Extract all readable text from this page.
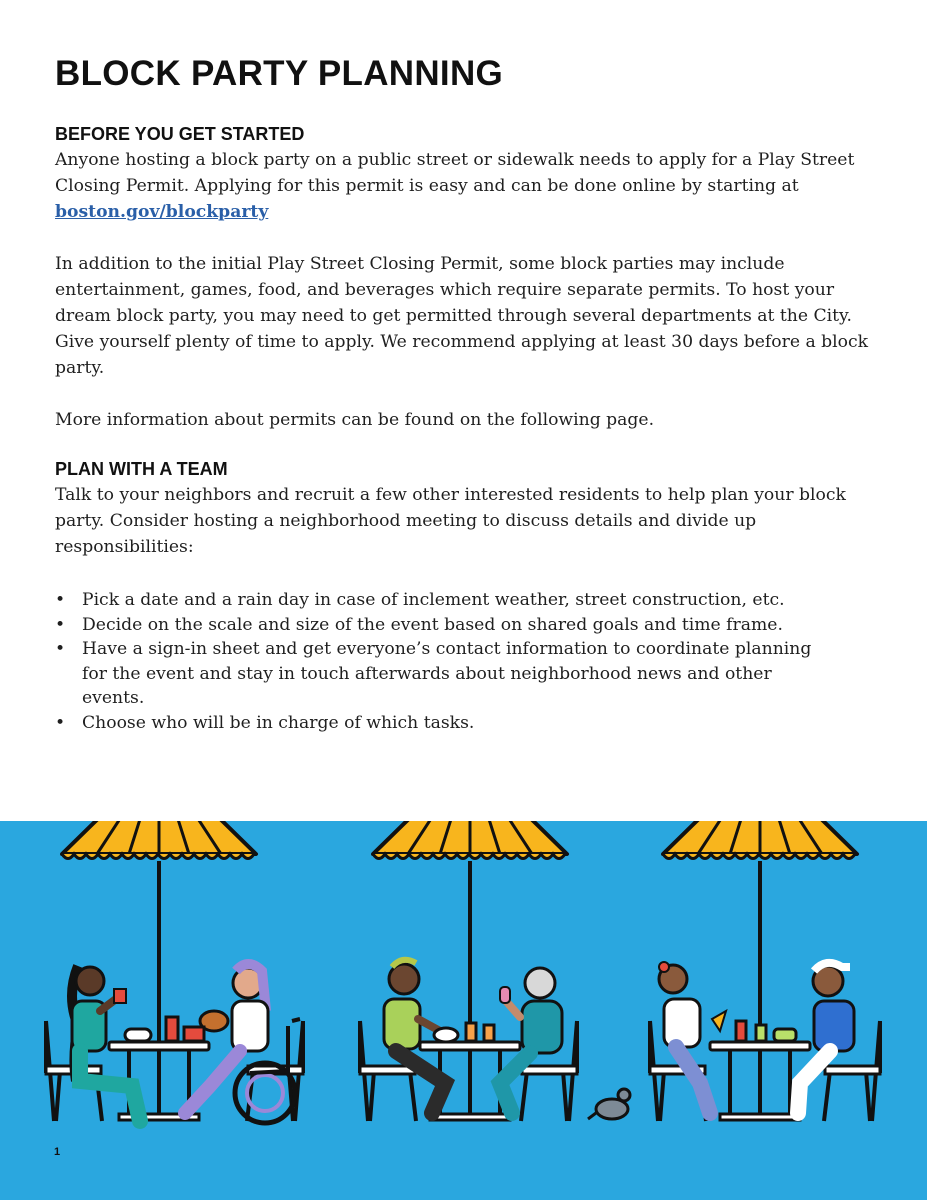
BLOCK PARTY PLANNING
BEFORE YOU GET STARTED

Anyone hosting a block party on a public street or sidewalk needs to apply for a Play Street Closing Permit. Applying for this permit is easy and can be done online by starting at boston.gov/blockparty

In addition to the initial Play Street Closing Permit, some block parties may include entertainment, games, food, and beverages which require separate permits. To host your dream block party, you may need to get permitted through several departments at the City. Give yourself plenty of time to apply. We recommend applying at least 30 days before a block party.

More information about permits can be found on the following page.

PLAN WITH A TEAM

Talk to your neighbors and recruit a few other interested residents to help plan your block party. Consider hosting a neighborhood meeting to discuss details and divide up responsibilities:

• Pick a date and a rain day in case of inclement weather, street construction, etc.
• Decide on the scale and size of the event based on shared goals and time frame.
• Have a sign-in sheet and get everyone’s contact information to coordinate planning for the event and stay in touch afterwards about neighborhood news and other events.
• Choose who will be in charge of which tasks.

1
